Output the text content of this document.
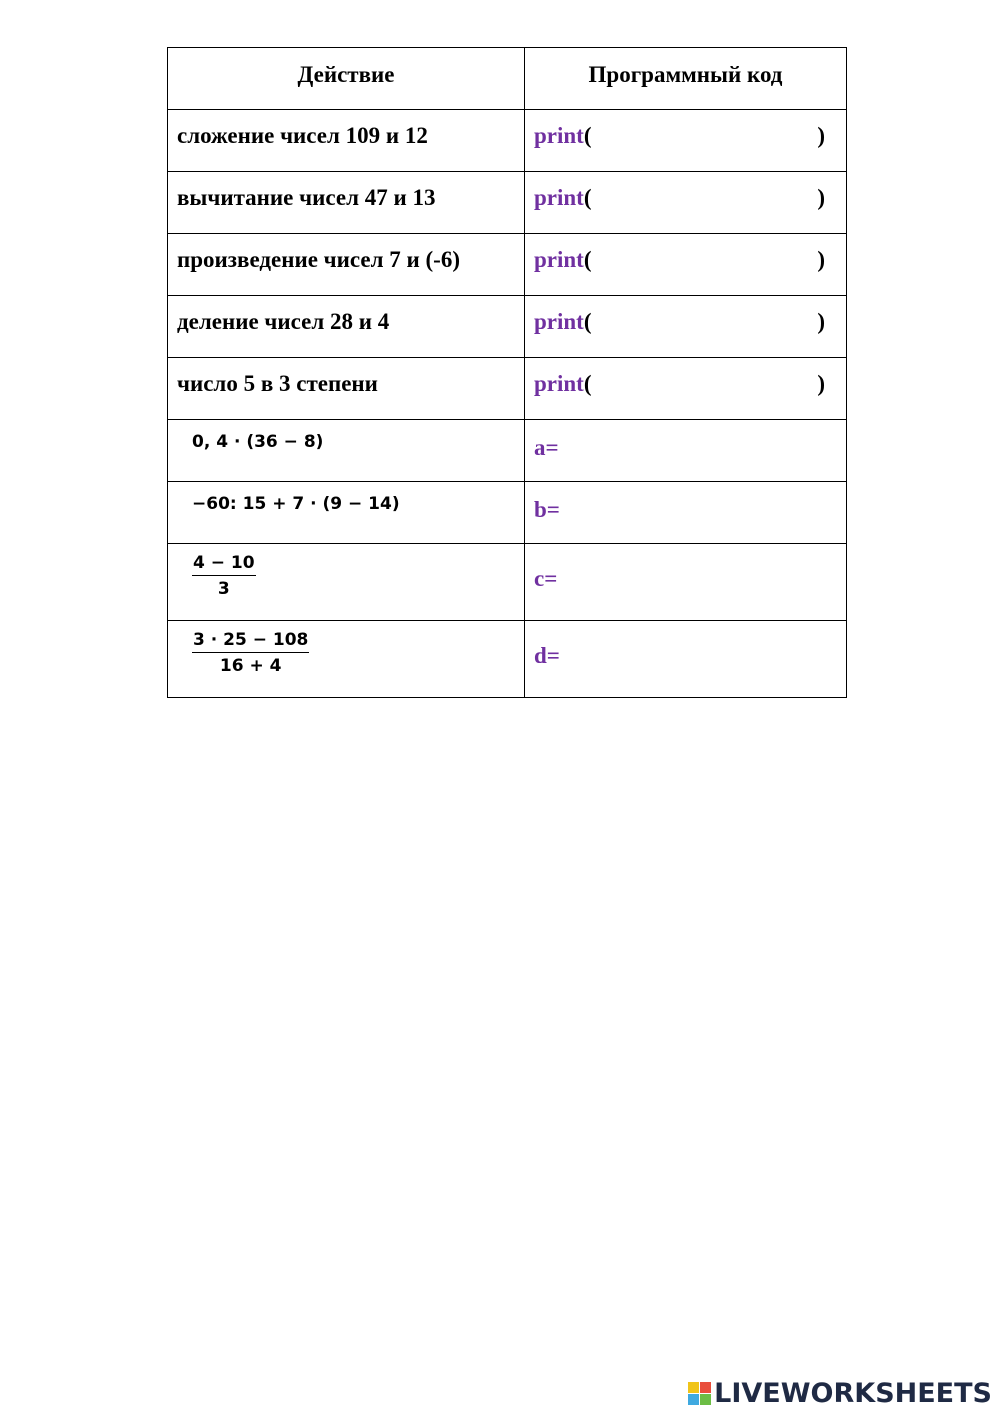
Действие	Программный код

сложение чисел 109 и 12	print( )

вычитание чисел 47 и 13	print( )

произведение чисел 7 и (-6)	print( )

деление чисел 28 и 4	print( )

число 5 в 3 степени	print( )

0, 4 · (36 − 8)	a=

−60: 15 + 7 · (9 − 14)	b=

$\frac{4 - 10}{3}$	c=

$\frac{3 \cdot 25 - 108}{16 + 4}$	d=
LIVEWORKSHEETS
